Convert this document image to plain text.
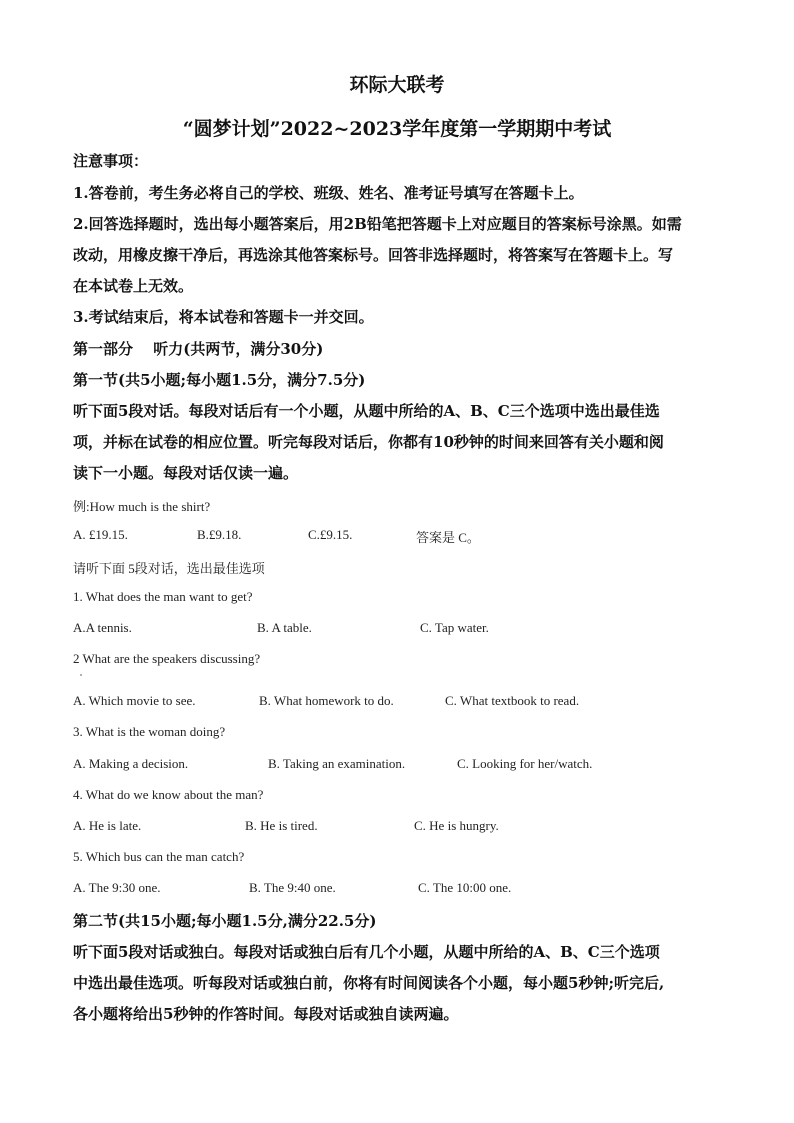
环际大联考
“圆梦计划”2022~2023学年度第一学期期中考试
注意事项：
1.答卷前，考生务必将自己的学校、班级、姓名、准考证号填写在答题卡上。
2.回答选择题时，选出每小题答案后，用2B铅笔把答题卡上对应题目的答案标号涂黑。如需
改动，用橡皮擦干净后，再选涂其他答案标号。回答非选择题时，将答案写在答题卡上。写
在本试卷上无效。
3.考试结束后，将本试卷和答题卡一并交回。
第一部分　 听力(共两节，满分30分)
第一节(共5小题;每小题1.5分，满分7.5分)
听下面5段对话。每段对话后有一个小题，从题中所给的A、B、C三个选项中选出最佳选
项，并标在试卷的相应位置。听完每段对话后，你都有10秒钟的时间来回答有关小题和阅
读下一小题。每段对话仅读一遍。
例:How much is the shirt?
A. £19.15.	B.£9.18.	C.£9.15.	答案是 C。
请听下面 5段对话，选出最佳选项
1. What does the man want to get?
A.A tennis.	B. A table.	C. Tap water.
2 What are the speakers discussing?
A. Which movie to see.	B. What homework to do.	C. What textbook to read.
3. What is the woman doing?
A. Making a decision.	B. Taking an examination.	C. Looking for her/watch.
4. What do we know about the man?
A. He is late.	B. He is tired.	C. He is hungry.
5. Which bus can the man catch?
A. The 9:30 one.	B. The 9:40 one.	C. The 10:00 one.
第二节(共15小题;每小题1.5分,满分22.5分)
听下面5段对话或独白。每段对话或独白后有几个小题，从题中所给的A、B、C三个选项
中选出最佳选项。听每段对话或独白前，你将有时间阅读各个小题，每小题5秒钟;听完后,
各小题将给出5秒钟的作答时间。每段对话或独自读两遍。
